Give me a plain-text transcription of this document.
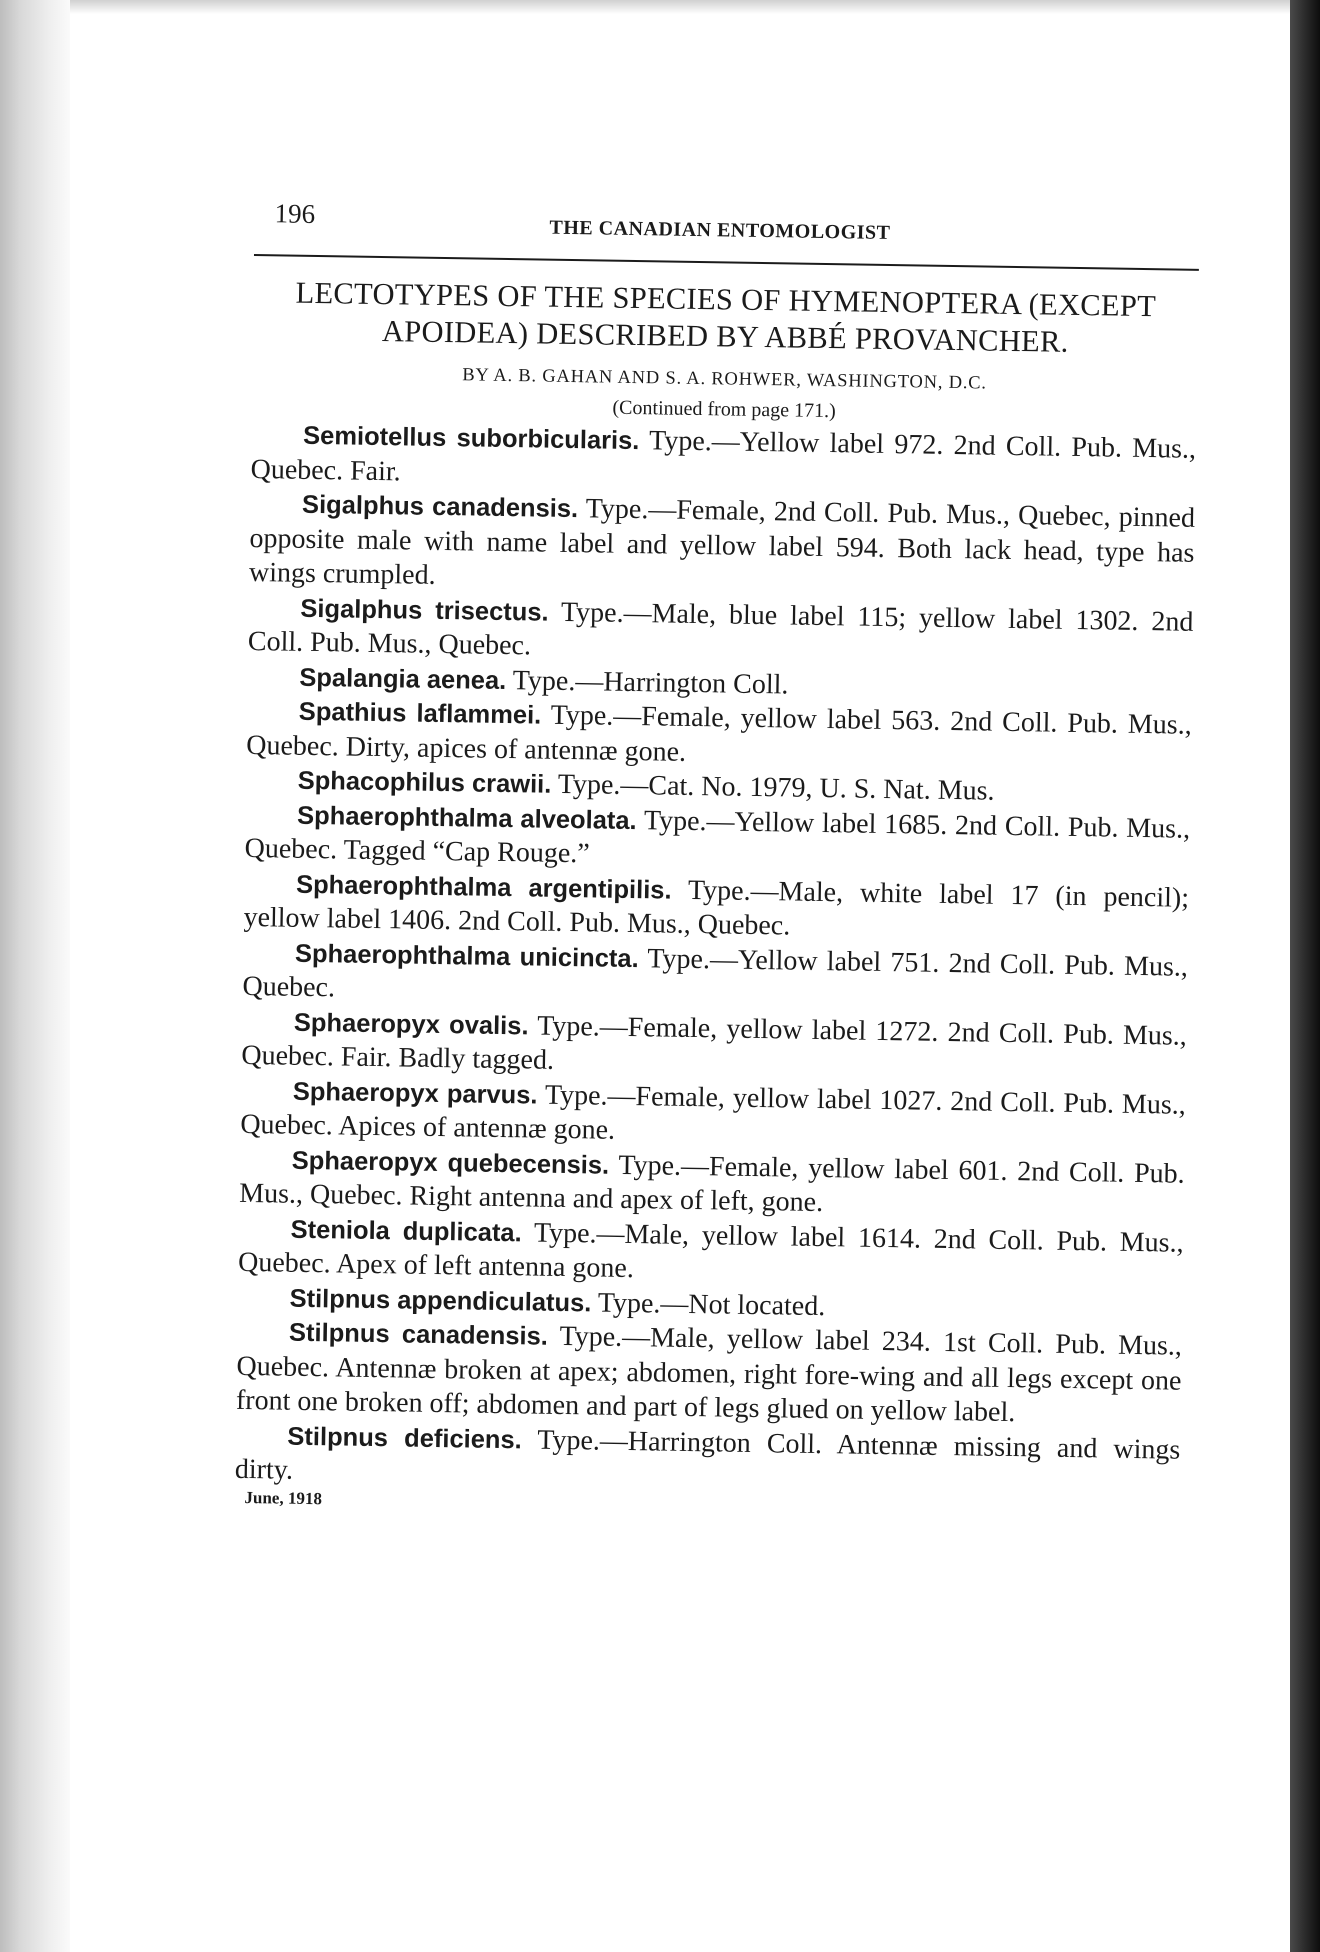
196
THE CANADIAN ENTOMOLOGIST
LECTOTYPES OF THE SPECIES OF HYMENOPTERA (EXCEPT APOIDEA) DESCRIBED BY ABBÉ PROVANCHER.
BY A. B. GAHAN AND S. A. ROHWER, WASHINGTON, D.C.
(Continued from page 171.)

Semiotellus suborbicularis. Type.—Yellow label 972. 2nd Coll. Pub. Mus., Quebec. Fair.

Sigalphus canadensis. Type.—Female, 2nd Coll. Pub. Mus., Quebec, pinned opposite male with name label and yellow label 594. Both lack head, type has wings crumpled.

Sigalphus trisectus. Type.—Male, blue label 115; yellow label 1302. 2nd Coll. Pub. Mus., Quebec.

Spalangia aenea. Type.—Harrington Coll.

Spathius laflammei. Type.—Female, yellow label 563. 2nd Coll. Pub. Mus., Quebec. Dirty, apices of antennæ gone.

Sphacophilus crawii. Type.—Cat. No. 1979, U. S. Nat. Mus.

Sphaerophthalma alveolata. Type.—Yellow label 1685. 2nd Coll. Pub. Mus., Quebec. Tagged “Cap Rouge.”

Sphaerophthalma argentipilis. Type.—Male, white label 17 (in pencil); yellow label 1406. 2nd Coll. Pub. Mus., Quebec.

Sphaerophthalma unicincta. Type.—Yellow label 751. 2nd Coll. Pub. Mus., Quebec.

Sphaeropyx ovalis. Type.—Female, yellow label 1272. 2nd Coll. Pub. Mus., Quebec. Fair. Badly tagged.

Sphaeropyx parvus. Type.—Female, yellow label 1027. 2nd Coll. Pub. Mus., Quebec. Apices of antennæ gone.

Sphaeropyx quebecensis. Type.—Female, yellow label 601. 2nd Coll. Pub. Mus., Quebec. Right antenna and apex of left, gone.

Steniola duplicata. Type.—Male, yellow label 1614. 2nd Coll. Pub. Mus., Quebec. Apex of left antenna gone.

Stilpnus appendiculatus. Type.—Not located.

Stilpnus canadensis. Type.—Male, yellow label 234. 1st Coll. Pub. Mus., Quebec. Antennæ broken at apex; abdomen, right fore-wing and all legs except one front one broken off; abdomen and part of legs glued on yellow label.

Stilpnus deficiens. Type.—Harrington Coll. Antennæ missing and wings dirty.

June, 1918
